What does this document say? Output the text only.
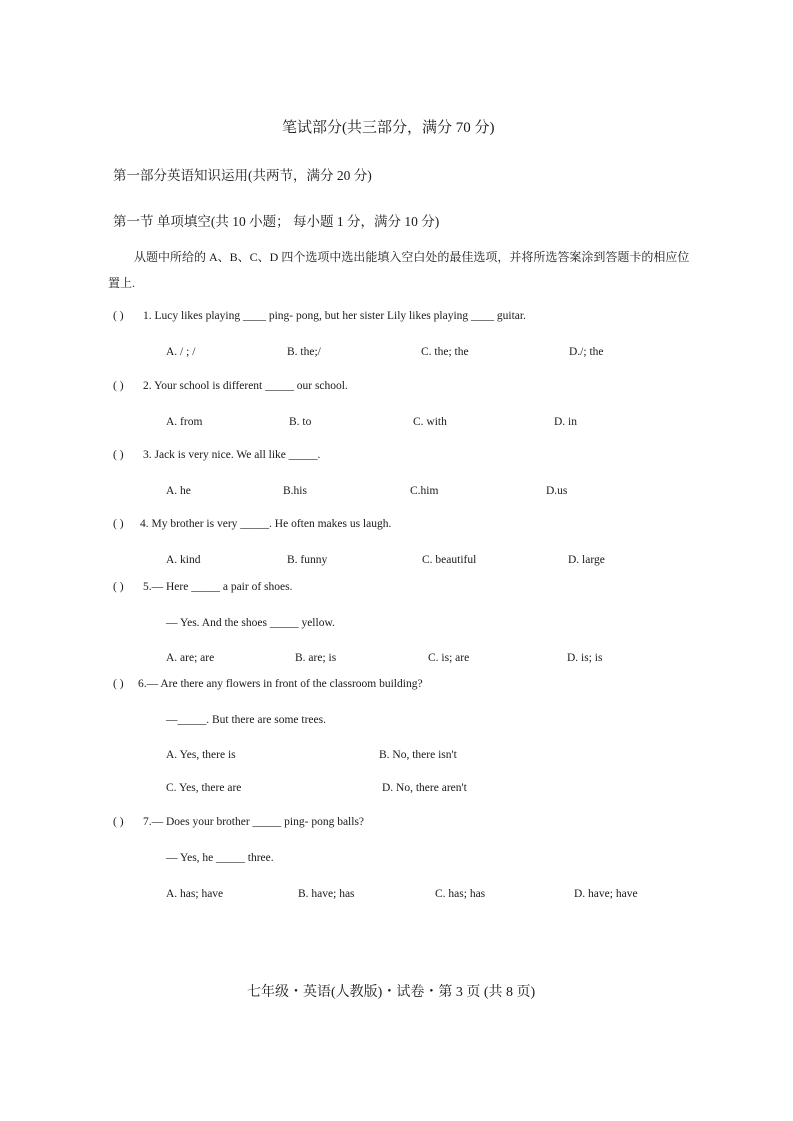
笔试部分(共三部分，满分 70 分)
第一部分英语知识运用(共两节，满分 20 分)
第一节 单项填空(共 10 小题； 每小题 1 分，满分 10 分)
从题中所给的 A、B、C、D 四个选项中选出能填入空白处的最佳选项，并将所选答案涂到答题卡的相应位
置上.
( ) 1. Lucy likes playing ____ ping- pong, but her sister Lily likes playing ____ guitar.
A. / ; /	B. the;/	C. the; the	D./; the
( ) 2. Your school is different _____ our school.
A. from	B. to	C. with	D. in
( ) 3. Jack is very nice. We all like _____.
A. he	B.his	C.him	D.us
( ) 4. My brother is very _____. He often makes us laugh.
A. kind	B. funny	C. beautiful	D. large
( ) 5.— Here _____ a pair of shoes.
— Yes. And the shoes _____ yellow.
A. are; are	B. are; is	C. is; are	D. is; is
( ) 6.— Are there any flowers in front of the classroom building?
—_____. But there are some trees.
A. Yes, there is	B. No, there isn't
C. Yes, there are	D. No, there aren't
( ) 7.— Does your brother _____ ping- pong balls?
— Yes, he _____ three.
A. has; have	B. have; has	C. has; has	D. have; have
七年级・英语(人教版)・试卷・第 3 页 (共 8 页)
